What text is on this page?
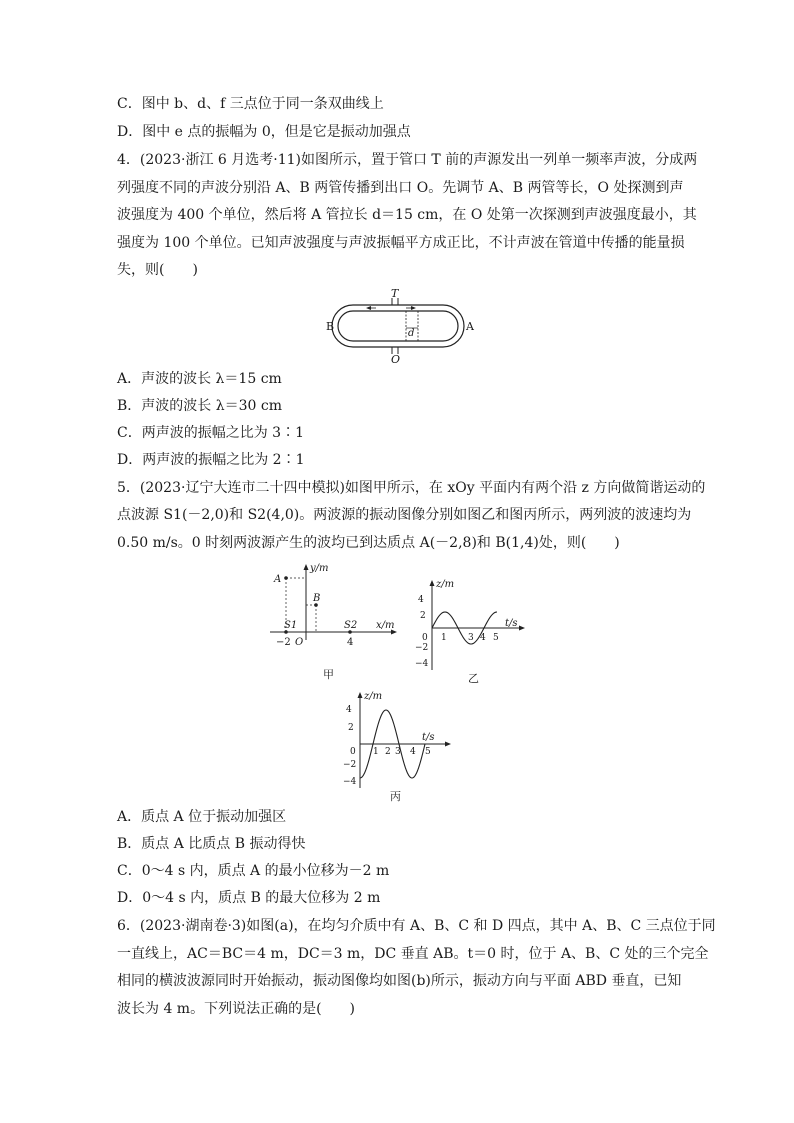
C．图中 b、d、f 三点位于同一条双曲线上
D．图中 e 点的振幅为 0，但是它是振动加强点
4．(2023·浙江 6 月选考·11)如图所示，置于管口 T 前的声源发出一列单一频率声波，分成两
列强度不同的声波分别沿 A、B 两管传播到出口 O。先调节 A、B 两管等长，O 处探测到声
波强度为 400 个单位，然后将 A 管拉长 d＝15 cm，在 O 处第一次探测到声波强度最小，其
强度为 100 个单位。已知声波强度与声波振幅平方成正比，不计声波在管道中传播的能量损
失，则(　　)
B	A
T
O
d
A．声波的波长 λ＝15 cm
B．声波的波长 λ＝30 cm
C．两声波的振幅之比为 3∶1
D．两声波的振幅之比为 2∶1
5．(2023·辽宁大连市二十四中模拟)如图甲所示，在 xOy 平面内有两个沿 z 方向做简谐运动的
点波源 S1(－2,0)和 S2(4,0)。两波源的振动图像分别如图乙和图丙所示，两列波的波速均为
0.50 m/s。0 时刻两波源产生的波均已到达质点 A(－2,8)和 B(1,4)处，则(　　)
y/m
x/m
A
B
S1	S2
O
−2	4
甲
z/m
t/s
4
2
0
−2
−4
1 3 4 5
乙
z/m
t/s
4
2
0
−2
−4
1 2 3 4 5
丙
A．质点 A 位于振动加强区
B．质点 A 比质点 B 振动得快
C．0～4 s 内，质点 A 的最小位移为－2 m
D．0～4 s 内，质点 B 的最大位移为 2 m
6．(2023·湖南卷·3)如图(a)，在均匀介质中有 A、B、C 和 D 四点，其中 A、B、C 三点位于同
一直线上，AC＝BC＝4 m，DC＝3 m，DC 垂直 AB。t＝0 时，位于 A、B、C 处的三个完全
相同的横波波源同时开始振动，振动图像均如图(b)所示，振动方向与平面 ABD 垂直，已知
波长为 4 m。下列说法正确的是(　　)
